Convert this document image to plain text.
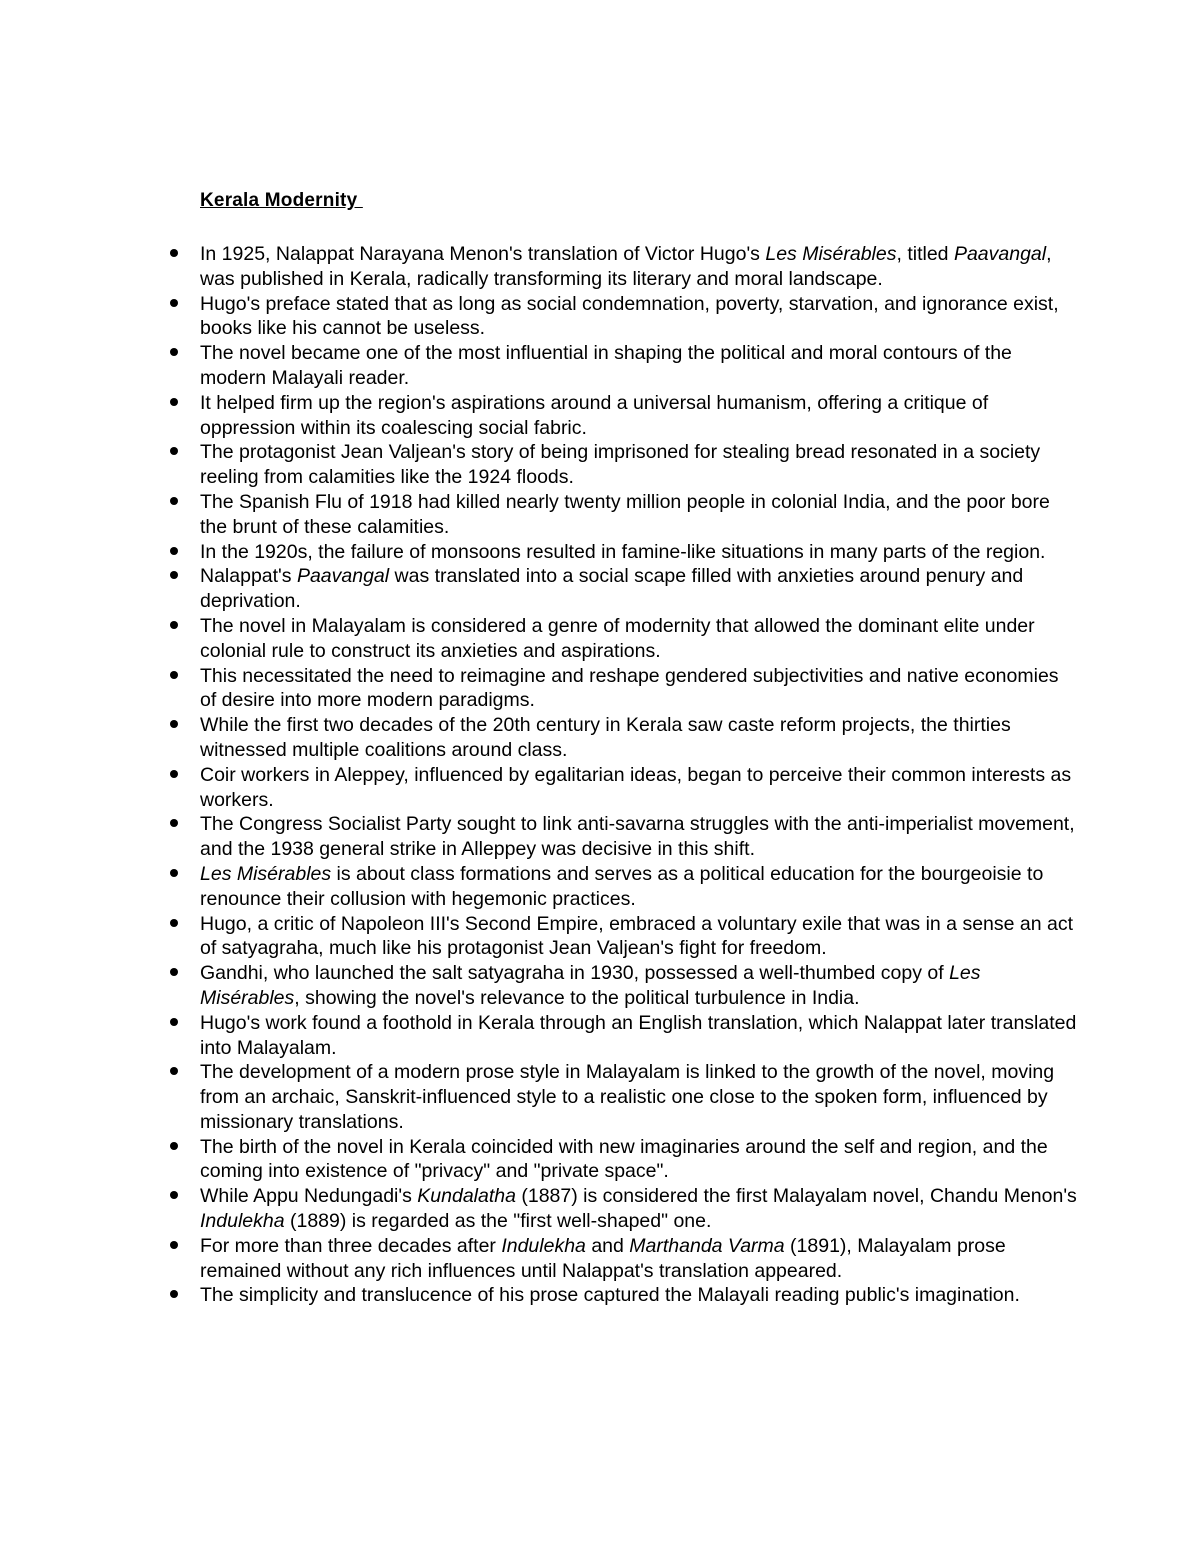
Kerala Modernity
In 1925, Nalappat Narayana Menon's translation of Victor Hugo's Les Misérables, titled Paavangal, was published in Kerala, radically transforming its literary and moral landscape.
Hugo's preface stated that as long as social condemnation, poverty, starvation, and ignorance exist, books like his cannot be useless.
The novel became one of the most influential in shaping the political and moral contours of the modern Malayali reader.
It helped firm up the region's aspirations around a universal humanism, offering a critique of oppression within its coalescing social fabric.
The protagonist Jean Valjean's story of being imprisoned for stealing bread resonated in a society reeling from calamities like the 1924 floods.
The Spanish Flu of 1918 had killed nearly twenty million people in colonial India, and the poor bore the brunt of these calamities.
In the 1920s, the failure of monsoons resulted in famine-like situations in many parts of the region.
Nalappat's Paavangal was translated into a social scape filled with anxieties around penury and deprivation.
The novel in Malayalam is considered a genre of modernity that allowed the dominant elite under colonial rule to construct its anxieties and aspirations.
This necessitated the need to reimagine and reshape gendered subjectivities and native economies of desire into more modern paradigms.
While the first two decades of the 20th century in Kerala saw caste reform projects, the thirties witnessed multiple coalitions around class.
Coir workers in Aleppey, influenced by egalitarian ideas, began to perceive their common interests as workers.
The Congress Socialist Party sought to link anti-savarna struggles with the anti-imperialist movement, and the 1938 general strike in Alleppey was decisive in this shift.
Les Misérables is about class formations and serves as a political education for the bourgeoisie to renounce their collusion with hegemonic practices.
Hugo, a critic of Napoleon III's Second Empire, embraced a voluntary exile that was in a sense an act of satyagraha, much like his protagonist Jean Valjean's fight for freedom.
Gandhi, who launched the salt satyagraha in 1930, possessed a well-thumbed copy of Les Misérables, showing the novel's relevance to the political turbulence in India.
Hugo's work found a foothold in Kerala through an English translation, which Nalappat later translated into Malayalam.
The development of a modern prose style in Malayalam is linked to the growth of the novel, moving from an archaic, Sanskrit-influenced style to a realistic one close to the spoken form, influenced by missionary translations.
The birth of the novel in Kerala coincided with new imaginaries around the self and region, and the coming into existence of "privacy" and "private space".
While Appu Nedungadi's Kundalatha (1887) is considered the first Malayalam novel, Chandu Menon's Indulekha (1889) is regarded as the "first well-shaped" one.
For more than three decades after Indulekha and Marthanda Varma (1891), Malayalam prose remained without any rich influences until Nalappat's translation appeared.
The simplicity and translucence of his prose captured the Malayali reading public's imagination.
